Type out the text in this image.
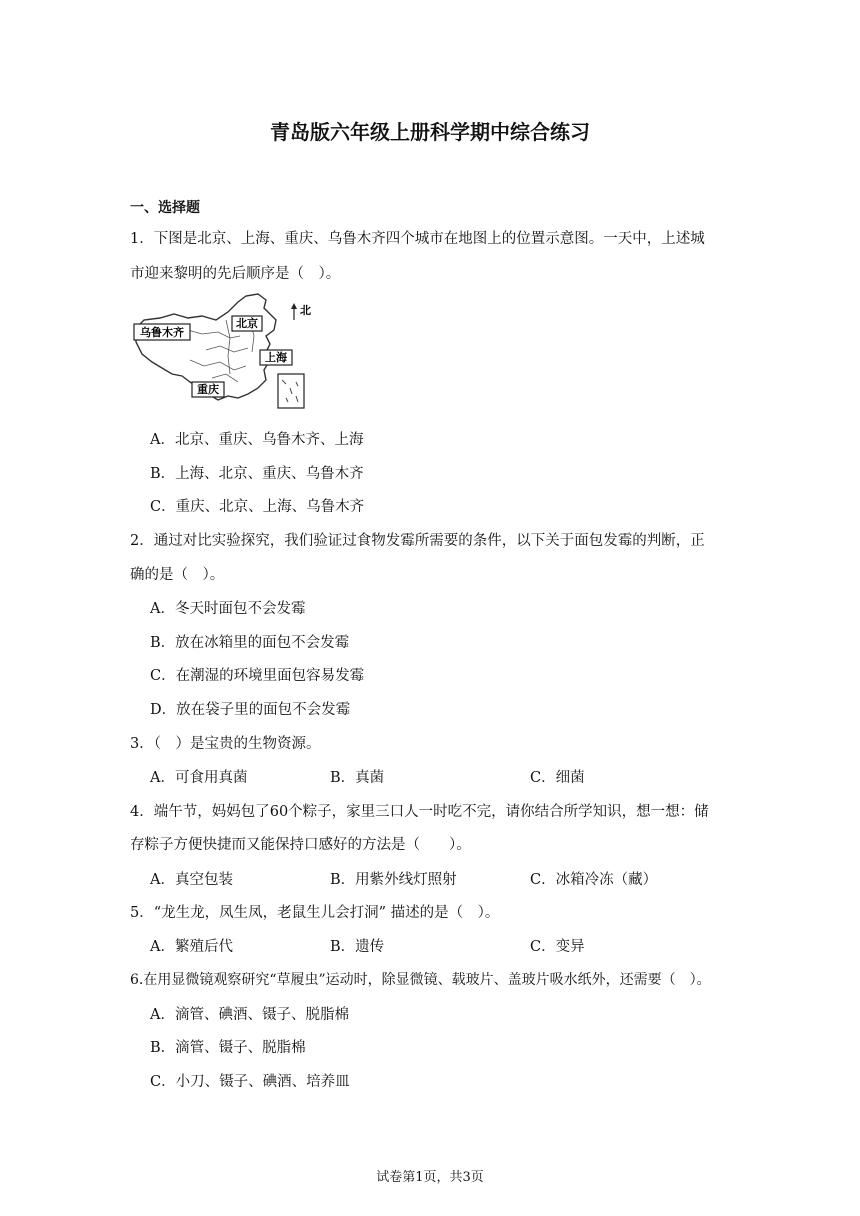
青岛版六年级上册科学期中综合练习
一、选择题
1．下图是北京、上海、重庆、乌鲁木齐四个城市在地图上的位置示意图。一天中，上述城
市迎来黎明的先后顺序是（　）。
乌鲁木齐
北京
上海
重庆
北
A．北京、重庆、乌鲁木齐、上海
B．上海、北京、重庆、乌鲁木齐
C．重庆、北京、上海、乌鲁木齐
2．通过对比实验探究，我们验证过食物发霉所需要的条件，以下关于面包发霉的判断，正
确的是（　）。
A．冬天时面包不会发霉
B．放在冰箱里的面包不会发霉
C．在潮湿的环境里面包容易发霉
D．放在袋子里的面包不会发霉
3．（　）是宝贵的生物资源。
A．可食用真菌	B．真菌	C．细菌
4．端午节，妈妈包了60个粽子，家里三口人一时吃不完，请你结合所学知识，想一想：储
存粽子方便快捷而又能保持口感好的方法是（　　）。
A．真空包装	B．用紫外线灯照射	C．冰箱冷冻（藏）
5．“龙生龙，凤生凤，老鼠生儿会打洞” 描述的是（　）。
A．繁殖后代	B．遗传	C．变异
6.在用显微镜观察研究“草履虫”运动时，除显微镜、载玻片、盖玻片吸水纸外，还需要（　）。
A．滴管、碘酒、镊子、脱脂棉
B．滴管、镊子、脱脂棉
C．小刀、镊子、碘酒、培养皿
试卷第1页，共3页
